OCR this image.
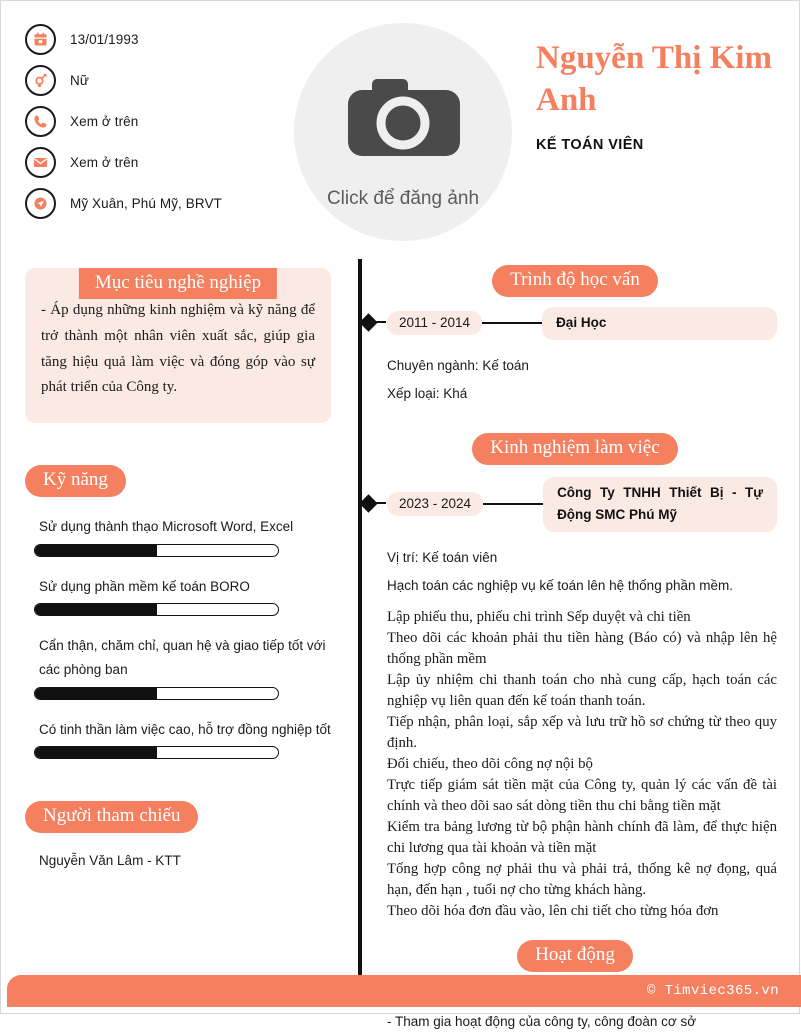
13/01/1993
Nữ
Xem ở trên
Xem ở trên
Mỹ Xuân, Phú Mỹ, BRVT	Click để đăng ảnh
Nguyễn Thị Kim Anh
KẾ TOÁN VIÊN
Mục tiêu nghề nghiệp
- Áp dụng những kinh nghiệm và kỹ năng để trở thành một nhân viên xuất sắc, giúp gia tăng hiệu quả làm việc và đóng góp vào sự phát triển của Công ty.
Kỹ năng
Sử dụng thành thạo Microsoft Word, Excel
Sử dụng phần mềm kế toán BORO
Cẩn thận, chăm chỉ, quan hệ và giao tiếp tốt với các phòng ban
Có tinh thần làm việc cao, hỗ trợ đồng nghiệp tốt
Người tham chiếu
Nguyễn Văn Lâm - KTT
Trình độ học vấn
2011 - 2014	Đại Học
Chuyên ngành: Kế toán
Xếp loại: Khá
Kinh nghiệm làm việc
2023 - 2024
Công Ty TNHH Thiết Bị - Tự Động SMC Phú Mỹ
Vị trí: Kế toán viên
Hạch toán các nghiệp vụ kế toán lên hệ thống phần mềm.

Lập phiếu thu, phiếu chi trình Sếp duyệt và chi tiền

Theo dõi các khoản phải thu tiền hàng (Báo có) và nhập lên hệ thống phần mềm

Lập ủy nhiệm chi thanh toán cho nhà cung cấp, hạch toán các nghiệp vụ liên quan đến kế toán thanh toán.

Tiếp nhận, phân loại, sắp xếp và lưu trữ hồ sơ chứng từ theo quy định.

Đối chiếu, theo dõi công nợ nội bộ

Trực tiếp giám sát tiền mặt của Công ty, quản lý các vấn đề tài chính và theo dõi sao sát dòng tiền thu chi bằng tiền mặt

Kiểm tra bảng lương từ bộ phận hành chính đã làm, để thực hiện chi lương qua tài khoản và tiền mặt

Tổng hợp công nợ phải thu và phải trả, thống kê nợ đọng, quá hạn, đến hạn , tuổi nợ cho từng khách hàng.

Theo dõi hóa đơn đầu vào, lên chi tiết cho từng hóa đơn

Hoạt động
- Tham gia hoạt động của công ty, công đoàn cơ sở
© Timviec365.vn
